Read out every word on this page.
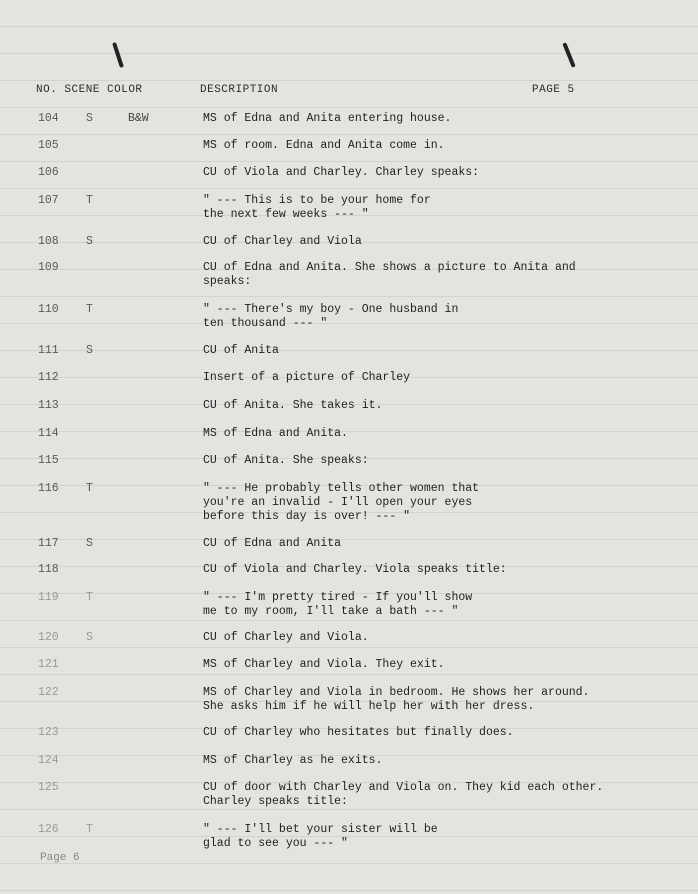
NO. SCENE COLOR	DESCRIPTION	PAGE 5
104 S	B&W	MS of Edna and Anita entering house.
105	MS of room. Edna and Anita come in.
106	CU of Viola and Charley. Charley speaks:
107 T	" --- This is to be your home for
the next few weeks --- "
108 S	CU of Charley and Viola
109	CU of Edna and Anita. She shows a picture to Anita and
speaks:
110 T	" --- There's my boy - One husband in
ten thousand --- "
111 S	CU of Anita
112	Insert of a picture of Charley
113	CU of Anita. She takes it.
114	MS of Edna and Anita.
115	CU of Anita. She speaks:
116 T	" --- He probably tells other women that
you're an invalid - I'll open your eyes
before this day is over! --- "
117 S	CU of Edna and Anita
118	CU of Viola and Charley. Viola speaks title:
119 T	" --- I'm pretty tired - If you'll show
me to my room, I'll take a bath --- "
120 S	CU of Charley and Viola.
121	MS of Charley and Viola. They exit.
122	MS of Charley and Viola in bedroom. He shows her around.
She asks him if he will help her with her dress.
123	CU of Charley who hesitates but finally does.
124	MS of Charley as he exits.
125	CU of door with Charley and Viola on. They kid each other.
Charley speaks title:
126 T	" --- I'll bet your sister will be
glad to see you --- "
Page 6
